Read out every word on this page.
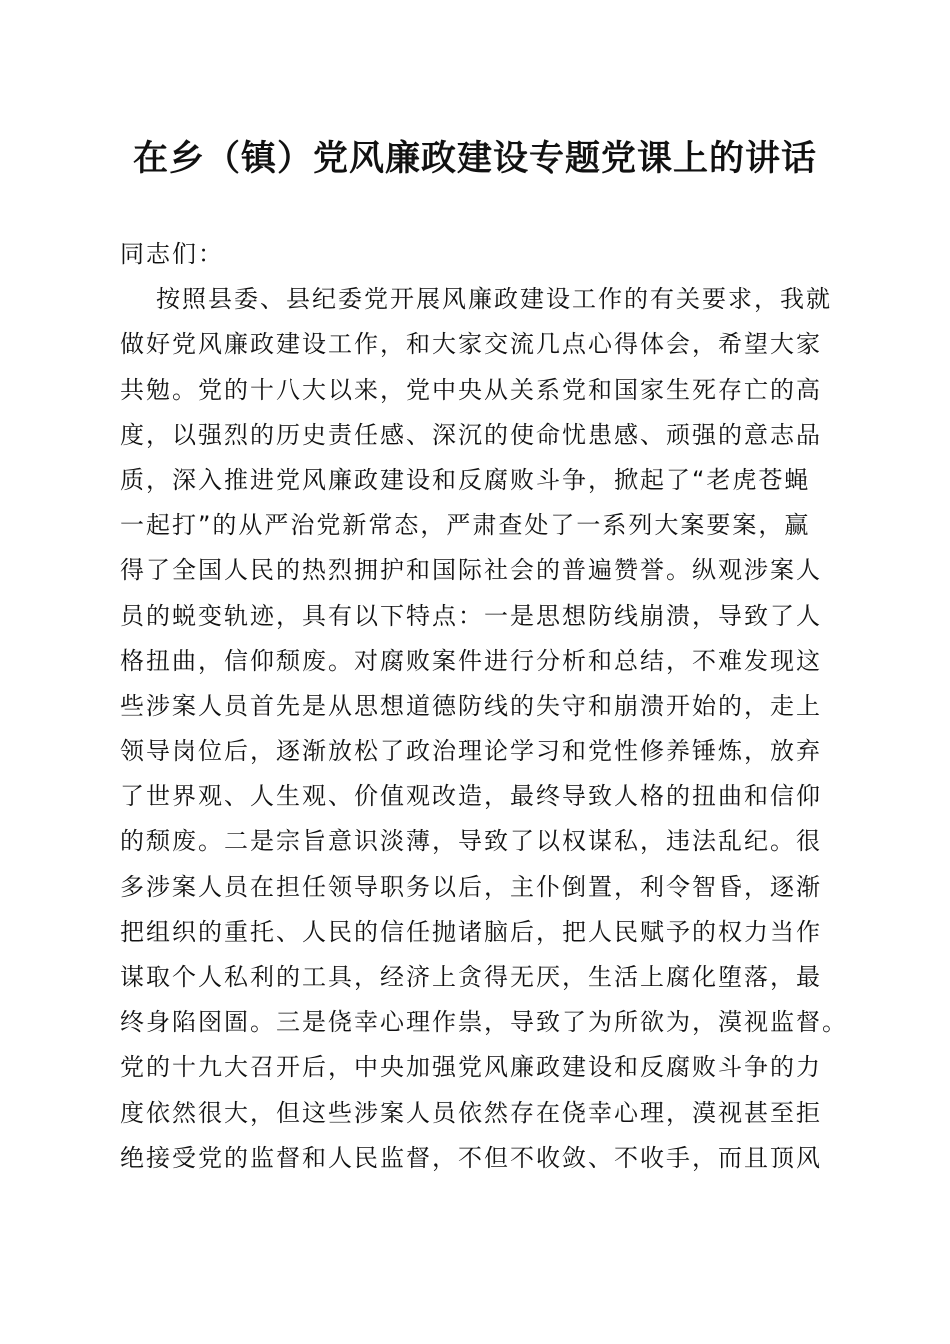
在乡（镇）党风廉政建设专题党课上的讲话
同志们：

按照县委、县纪委党开展风廉政建设工作的有关要求，我就

做好党风廉政建设工作，和大家交流几点心得体会，希望大家

共勉。党的十八大以来，党中央从关系党和国家生死存亡的高

度，以强烈的历史责任感、深沉的使命忧患感、顽强的意志品

质，深入推进党风廉政建设和反腐败斗争，掀起了“老虎苍蝇

一起打”的从严治党新常态，严肃查处了一系列大案要案，赢

得了全国人民的热烈拥护和国际社会的普遍赞誉。纵观涉案人

员的蜕变轨迹，具有以下特点：一是思想防线崩溃，导致了人

格扭曲，信仰颓废。对腐败案件进行分析和总结，不难发现这

些涉案人员首先是从思想道德防线的失守和崩溃开始的，走上

领导岗位后，逐渐放松了政治理论学习和党性修养锤炼，放弃

了世界观、人生观、价值观改造，最终导致人格的扭曲和信仰

的颓废。二是宗旨意识淡薄，导致了以权谋私，违法乱纪。很

多涉案人员在担任领导职务以后，主仆倒置，利令智昏，逐渐

把组织的重托、人民的信任抛诸脑后，把人民赋予的权力当作

谋取个人私利的工具，经济上贪得无厌，生活上腐化堕落，最

终身陷囹圄。三是侥幸心理作祟，导致了为所欲为，漠视监督。

党的十九大召开后，中央加强党风廉政建设和反腐败斗争的力

度依然很大，但这些涉案人员依然存在侥幸心理，漠视甚至拒

绝接受党的监督和人民监督，不但不收敛、不收手，而且顶风
